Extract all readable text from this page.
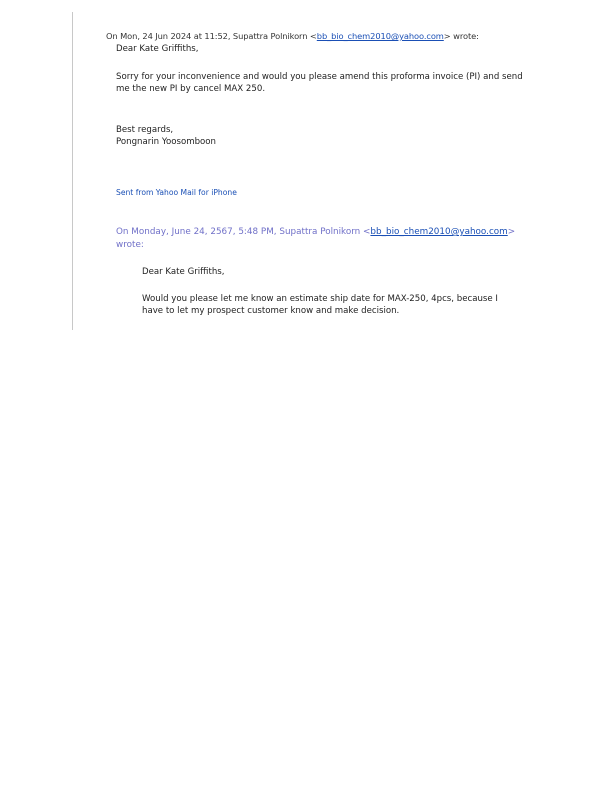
On Mon, 24 Jun 2024 at 11:52, Supattra Polnikorn <bb_bio_chem2010@yahoo.com> wrote:
Dear Kate Griffiths,
Sorry for your inconvenience and would you please amend this proforma invoice (PI) and send
me the new PI by cancel MAX 250.
Best regards,
Pongnarin Yoosomboon
Sent from Yahoo Mail for iPhone
On Monday, June 24, 2567, 5:48 PM, Supattra Polnikorn <bb_bio_chem2010@yahoo.com>
wrote:
Dear Kate Griffiths,
Would you please let me know an estimate ship date for MAX-250, 4pcs, because I
have to let my prospect customer know and make decision.
